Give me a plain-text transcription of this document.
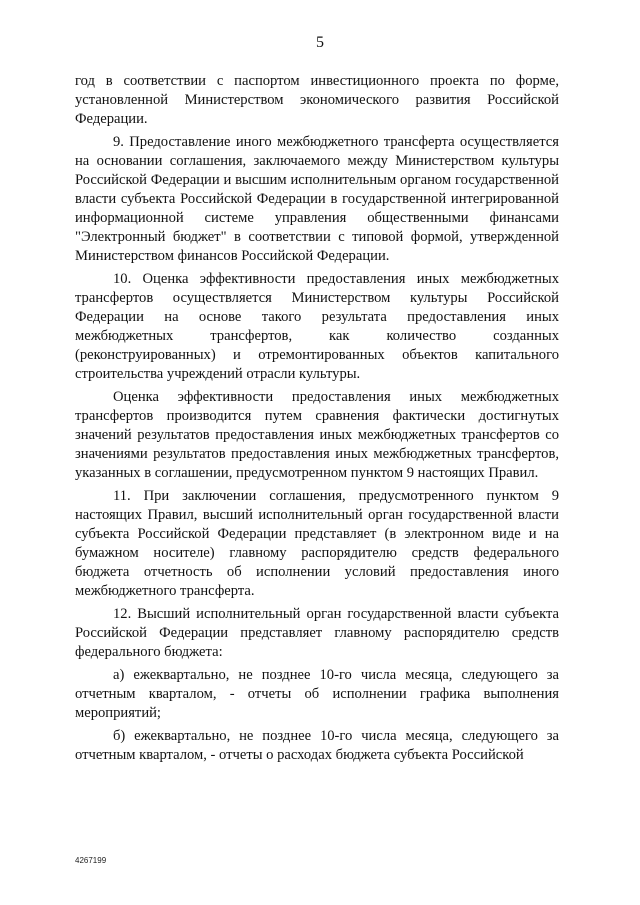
5

год в соответствии с паспортом инвестиционного проекта по форме, установленной Министерством экономического развития Российской Федерации.

9. Предоставление иного межбюджетного трансферта осуществляется на основании соглашения, заключаемого между Министерством культуры Российской Федерации и высшим исполнительным органом государственной власти субъекта Российской Федерации в государственной интегрированной информационной системе управления общественными финансами "Электронный бюджет" в соответствии с типовой формой, утвержденной Министерством финансов Российской Федерации.

10. Оценка эффективности предоставления иных межбюджетных трансфертов осуществляется Министерством культуры Российской Федерации на основе такого результата предоставления иных межбюджетных трансфертов, как количество созданных (реконструированных) и отремонтированных объектов капитального строительства учреждений отрасли культуры.

Оценка эффективности предоставления иных межбюджетных трансфертов производится путем сравнения фактически достигнутых значений результатов предоставления иных межбюджетных трансфертов со значениями результатов предоставления иных межбюджетных трансфертов, указанных в соглашении, предусмотренном пунктом 9 настоящих Правил.

11. При заключении соглашения, предусмотренного пунктом 9 настоящих Правил, высший исполнительный орган государственной власти субъекта Российской Федерации представляет (в электронном виде и на бумажном носителе) главному распорядителю средств федерального бюджета отчетность об исполнении условий предоставления иного межбюджетного трансферта.

12. Высший исполнительный орган государственной власти субъекта Российской Федерации представляет главному распорядителю средств федерального бюджета:

а) ежеквартально, не позднее 10-го числа месяца, следующего за отчетным кварталом, - отчеты об исполнении графика выполнения мероприятий;

б) ежеквартально, не позднее 10-го числа месяца, следующего за отчетным кварталом, - отчеты о расходах бюджета субъекта Российской

4267199
